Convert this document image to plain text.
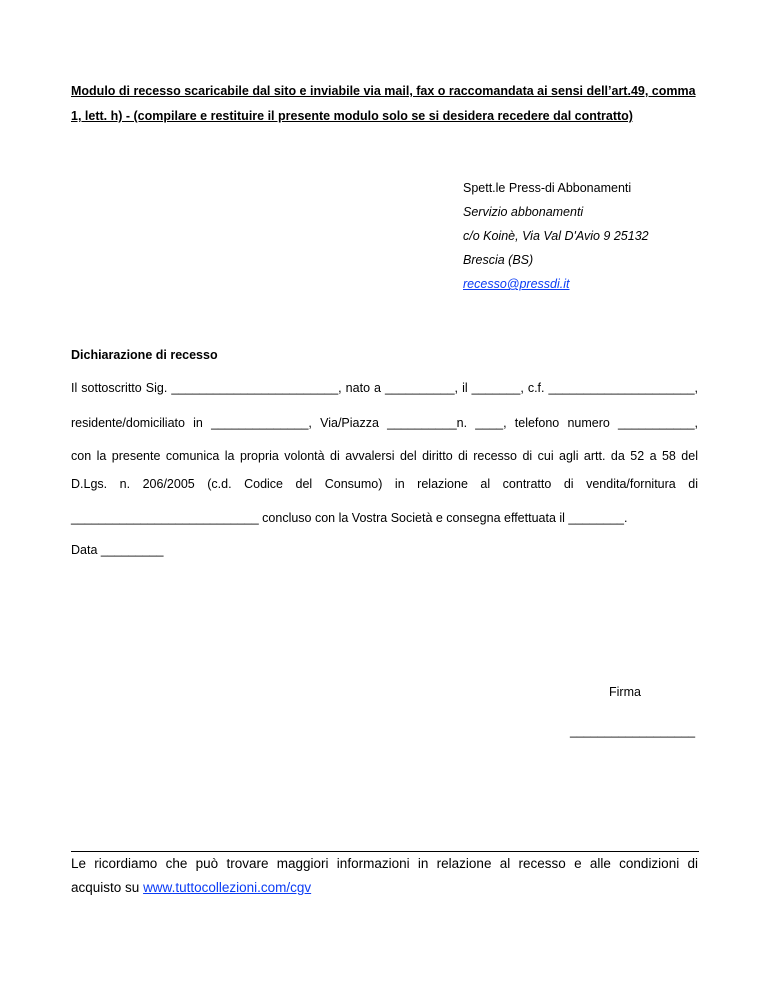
Modulo di recesso scaricabile dal sito e inviabile via mail, fax o raccomandata ai sensi dell’art.49, comma
1, lett. h) - (compilare e restituire il presente modulo solo se si desidera recedere dal contratto)
Spett.le Press-di Abbonamenti
Servizio abbonamenti
c/o Koinè, Via Val D'Avio 9 25132
Brescia (BS)
recesso@pressdi.it
Dichiarazione di recesso
Il sottoscritto Sig. ________________________, nato a __________, il _______, c.f. _____________________,
residente/domiciliato in ______________, Via/Piazza __________n. ____, telefono numero ___________,
con la presente comunica la propria volontà di avvalersi del diritto di recesso di cui agli artt. da 52 a 58 del
D.Lgs. n. 206/2005 (c.d. Codice del Consumo) in relazione al contratto di vendita/fornitura di
___________________________ concluso con la Vostra Società e consegna effettuata il ________.
Data _________
Firma
__________________
Le ricordiamo che può trovare maggiori informazioni in relazione al recesso e alle condizioni di
acquisto su www.tuttocollezioni.com/cgv
